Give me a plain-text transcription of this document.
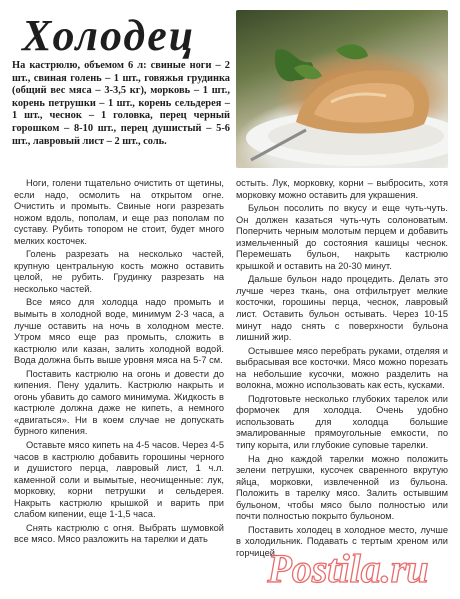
Холодец
На кастрюлю, объемом 6 л: свиные ноги – 2 шт., свиная голень – 1 шт., говяжья грудинка (общий вес мяса – 3-3,5 кг), морковь – 1 шт., корень петрушки – 1 шт., корень сельдерея – 1 шт., чеснок – 1 головка, перец черный горошком – 8-10 шт., перец душистый – 5-6 шт., лавровый лист – 2 шт., соль.

Ноги, голени тщательно очистить от щетины, если надо, осмолить на открытом огне. Очистить и промыть. Свиные ноги разрезать ножом вдоль, пополам, и еще раз пополам по суставу. Рубить топором не стоит, будет много мелких косточек.

Голень разрезать на несколько частей, крупную центральную кость можно оставить целой, не рубить. Грудинку разрезать на несколько частей.

Все мясо для холодца надо промыть и вымыть в холодной воде, минимум 2-3 часа, а лучше оставить на ночь в холодном месте. Утром мясо еще раз промыть, сложить в кастрюлю или казан, залить холодной водой. Вода должна быть выше уровня мяса на 5-7 см.

Поставить кастрюлю на огонь и довести до кипения. Пену удалить. Кастрюлю накрыть и огонь убавить до самого минимума. Жидкость в кастрюле должна даже не кипеть, а немного «двигаться». Ни в коем случае не допускать бурного кипения.

Оставьте мясо кипеть на 4-5 часов. Через 4-5 часов в кастрюлю добавить горошины черного и душистого перца, лавровый лист, 1 ч.л. каменной соли и вымытые, неочищенные: лук, морковку, корни петрушки и сельдерея. Накрыть кастрюлю крышкой и варить при слабом кипении, еще 1-1,5 часа.

Снять кастрюлю с огня. Выбрать шумовкой все мясо. Мясо разложить на тарелки и дать

остыть. Лук, морковку, корни – выбросить, хотя морковку можно оставить для украшения.

Бульон посолить по вкусу и еще чуть-чуть. Он должен казаться чуть-чуть солоноватым. Поперчить черным молотым перцем и добавить измельченный до состояния кашицы чеснок. Перемешать бульон, накрыть кастрюлю крышкой и оставить на 20-30 минут.

Дальше бульон надо процедить. Делать это лучше через ткань, она отфильтрует мелкие косточки, горошины перца, чеснок, лавровый лист. Оставить бульон остывать. Через 10-15 минут надо снять с поверхности бульона лишний жир.

Остывшее мясо перебрать руками, отделяя и выбрасывая все косточки. Мясо можно порезать на небольшие кусочки, можно разделить на волокна, можно использовать как есть, кусками.

Подготовьте несколько глубоких тарелок или формочек для холодца. Очень удобно использовать для холодца большие эмалированные прямоугольные емкости, по типу корыта, или глубокие суповые тарелки.

На дно каждой тарелки можно положить зелени петрушки, кусочек сваренного вкрутую яйца, морковки, извлеченной из бульона. Положить в тарелку мясо. Залить остывшим бульоном, чтобы мясо было полностью или почти полностью покрыто бульоном.

Поставить холодец в холодное место, лучше в холодильник. Подавать с тертым хреном или горчицей.

Postila.ru
